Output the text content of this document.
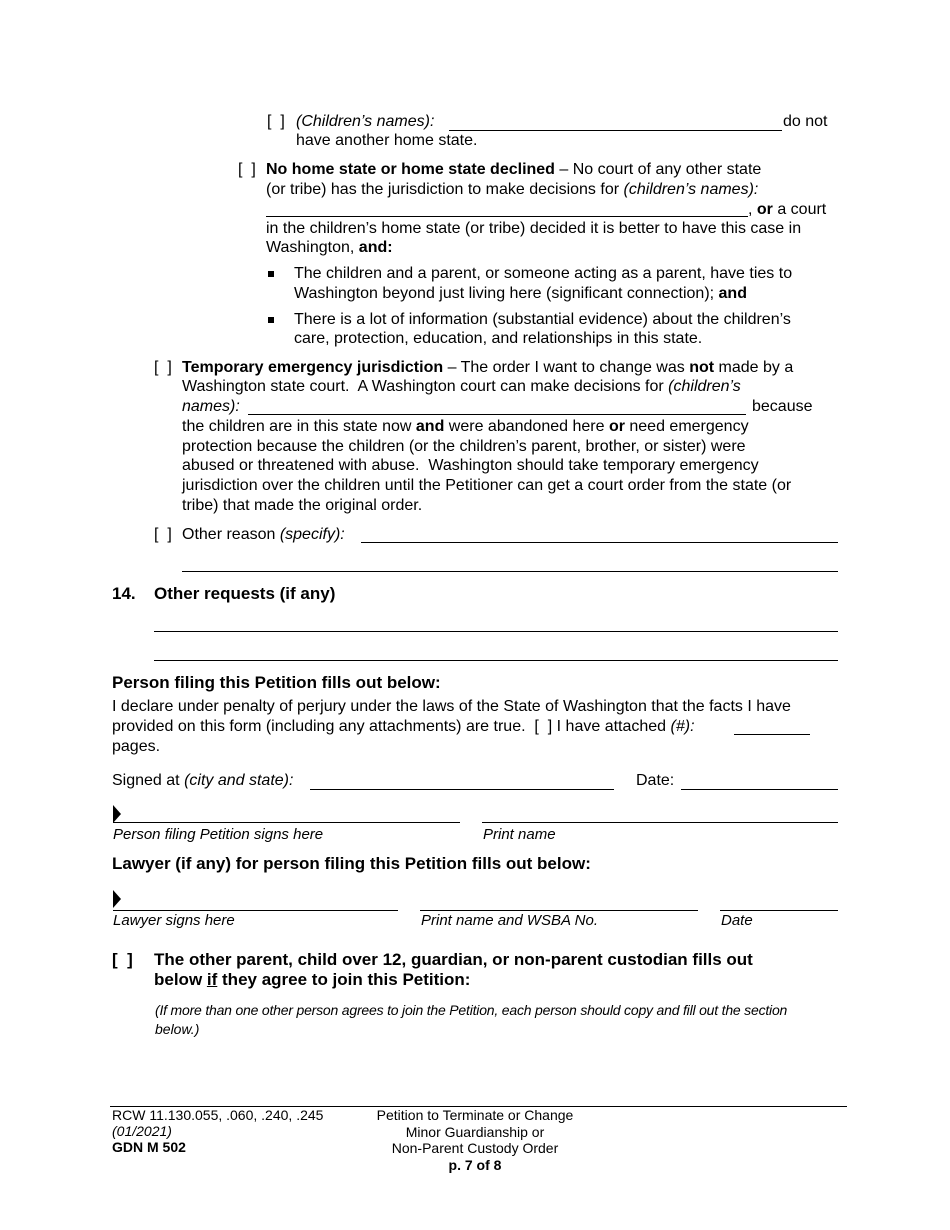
[  ] (Children’s names):	do not
have another home state.
[  ] No home state or home state declined – No court of any other state
(or tribe) has the jurisdiction to make decisions for (children’s names):
, or a court
in the children’s home state (or tribe) decided it is better to have this case in
Washington, and:
The children and a parent, or someone acting as a parent, have ties to
Washington beyond just living here (significant connection); and
There is a lot of information (substantial evidence) about the children’s
care, protection, education, and relationships in this state.
[  ] Temporary emergency jurisdiction – The order I want to change was not made by a
Washington state court.  A Washington court can make decisions for (children’s
names):	because
the children are in this state now and were abandoned here or need emergency
protection because the children (or the children’s parent, brother, or sister) were
abused or threatened with abuse.  Washington should take temporary emergency
jurisdiction over the children until the Petitioner can get a court order from the state (or
tribe) that made the original order.
[  ] Other reason (specify):
14. Other requests (if any)
Person filing this Petition fills out below:
I declare under penalty of perjury under the laws of the State of Washington that the facts I have
provided on this form (including any attachments) are true.  [  ] I have attached (#):
pages.
Signed at (city and state):	Date:
Person filing Petition signs here	Print name
Lawyer (if any) for person filing this Petition fills out below:
Lawyer signs here	Print name and WSBA No.	Date
[  ] The other parent, child over 12, guardian, or non-parent custodian fills out
below if they agree to join this Petition:
(If more than one other person agrees to join the Petition, each person should copy and fill out the section
below.)
RCW 11.130.055, .060, .240, .245
(01/2021)
GDN M 502
Petition to Terminate or Change
Minor Guardianship or
Non-Parent Custody Order
p. 7 of 8
